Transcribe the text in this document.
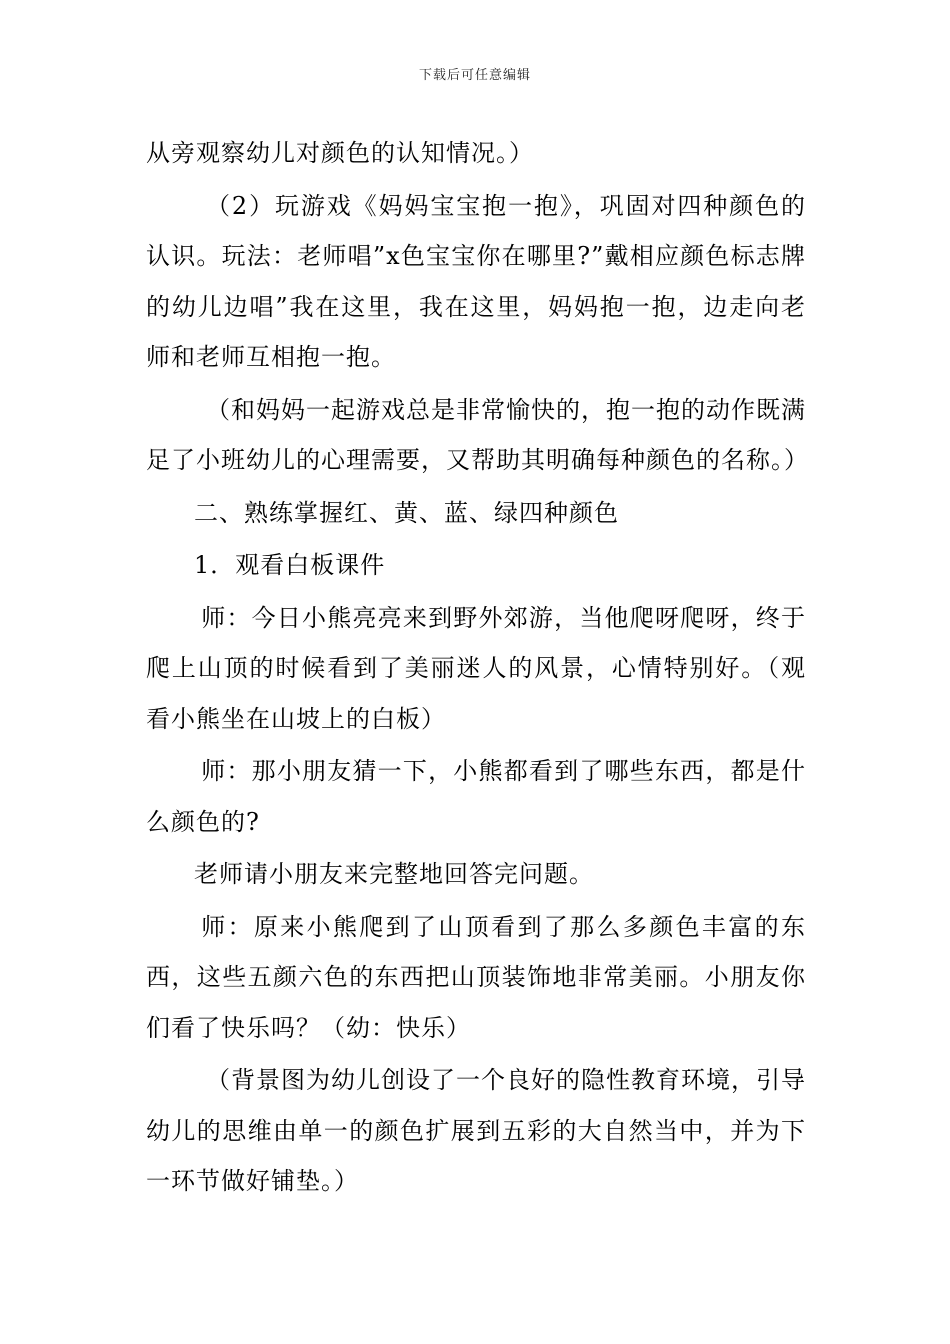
下载后可任意编辑

从旁观察幼儿对颜色的认知情况。）

（2）玩游戏《妈妈宝宝抱一抱》，巩固对四种颜色的认识。玩法：老师唱”x色宝宝你在哪里?”戴相应颜色标志牌的幼儿边唱”我在这里，我在这里，妈妈抱一抱，边走向老师和老师互相抱一抱。

（和妈妈一起游戏总是非常愉快的，抱一抱的动作既满足了小班幼儿的心理需要，又帮助其明确每种颜色的名称。）

二、熟练掌握红、黄、蓝、绿四种颜色

1．观看白板课件

师：今日小熊亮亮来到野外郊游，当他爬呀爬呀，终于爬上山顶的时候看到了美丽迷人的风景，心情特别好。（观看小熊坐在山坡上的白板）

师：那小朋友猜一下，小熊都看到了哪些东西，都是什么颜色的?

老师请小朋友来完整地回答完问题。

师：原来小熊爬到了山顶看到了那么多颜色丰富的东西，这些五颜六色的东西把山顶装饰地非常美丽。小朋友你们看了快乐吗？（幼：快乐）

（背景图为幼儿创设了一个良好的隐性教育环境，引导幼儿的思维由单一的颜色扩展到五彩的大自然当中，并为下一环节做好铺垫。）
